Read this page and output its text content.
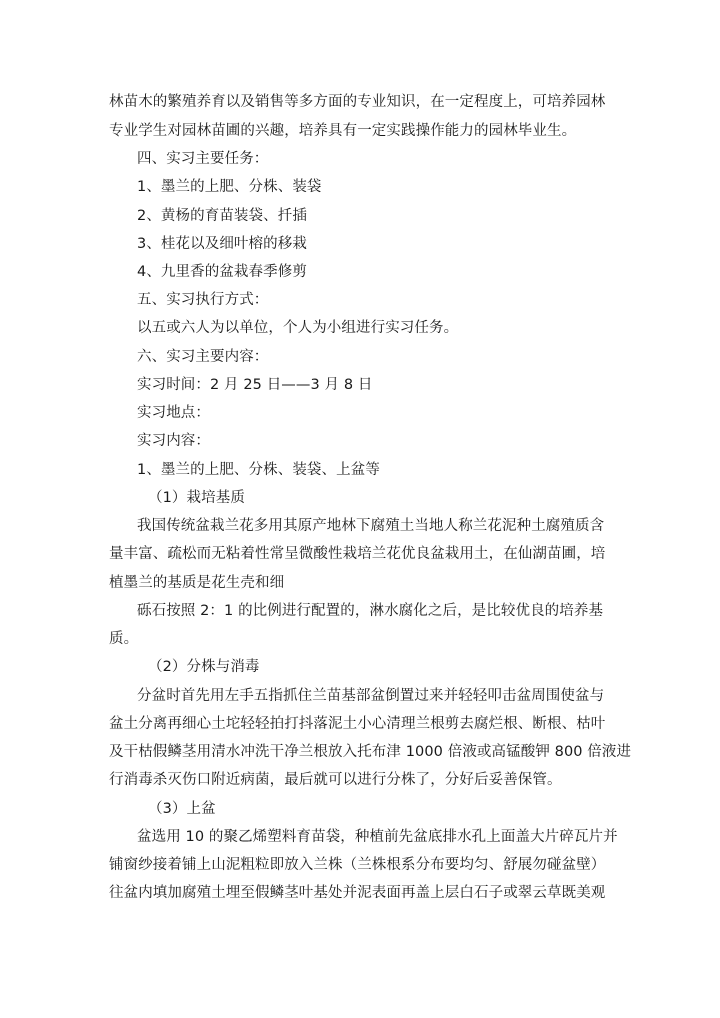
林苗木的繁殖养育以及销售等多方面的专业知识，在一定程度上，可培养园林
专业学生对园林苗圃的兴趣，培养具有一定实践操作能力的园林毕业生。
四、实习主要任务：
1、墨兰的上肥、分株、装袋
2、黄杨的育苗装袋、扦插
3、桂花以及细叶榕的移栽
4、九里香的盆栽春季修剪
五、实习执行方式：
以五或六人为以单位，个人为小组进行实习任务。
六、实习主要内容：
实习时间：2 月 25 日——3 月 8 日
实习地点：
实习内容：
1、墨兰的上肥、分株、装袋、上盆等
（1）栽培基质
我国传统盆栽兰花多用其原产地林下腐殖土当地人称兰花泥种土腐殖质含
量丰富、疏松而无粘着性常呈微酸性栽培兰花优良盆栽用土，在仙湖苗圃，培
植墨兰的基质是花生壳和细
砾石按照 2：1 的比例进行配置的，淋水腐化之后，是比较优良的培养基
质。
（2）分株与消毒
分盆时首先用左手五指抓住兰苗基部盆倒置过来并轻轻叩击盆周围使盆与
盆土分离再细心土坨轻轻拍打抖落泥土小心清理兰根剪去腐烂根、断根、枯叶
及干枯假鳞茎用清水冲洗干净兰根放入托布津 1000 倍液或高锰酸钾 800 倍液进
行消毒杀灭伤口附近病菌，最后就可以进行分株了，分好后妥善保管。
（3）上盆
盆选用 10 的聚乙烯塑料育苗袋，种植前先盆底排水孔上面盖大片碎瓦片并
铺窗纱接着铺上山泥粗粒即放入兰株（兰株根系分布要均匀、舒展勿碰盆壁）
往盆内填加腐殖土埋至假鳞茎叶基处并泥表面再盖上层白石子或翠云草既美观
